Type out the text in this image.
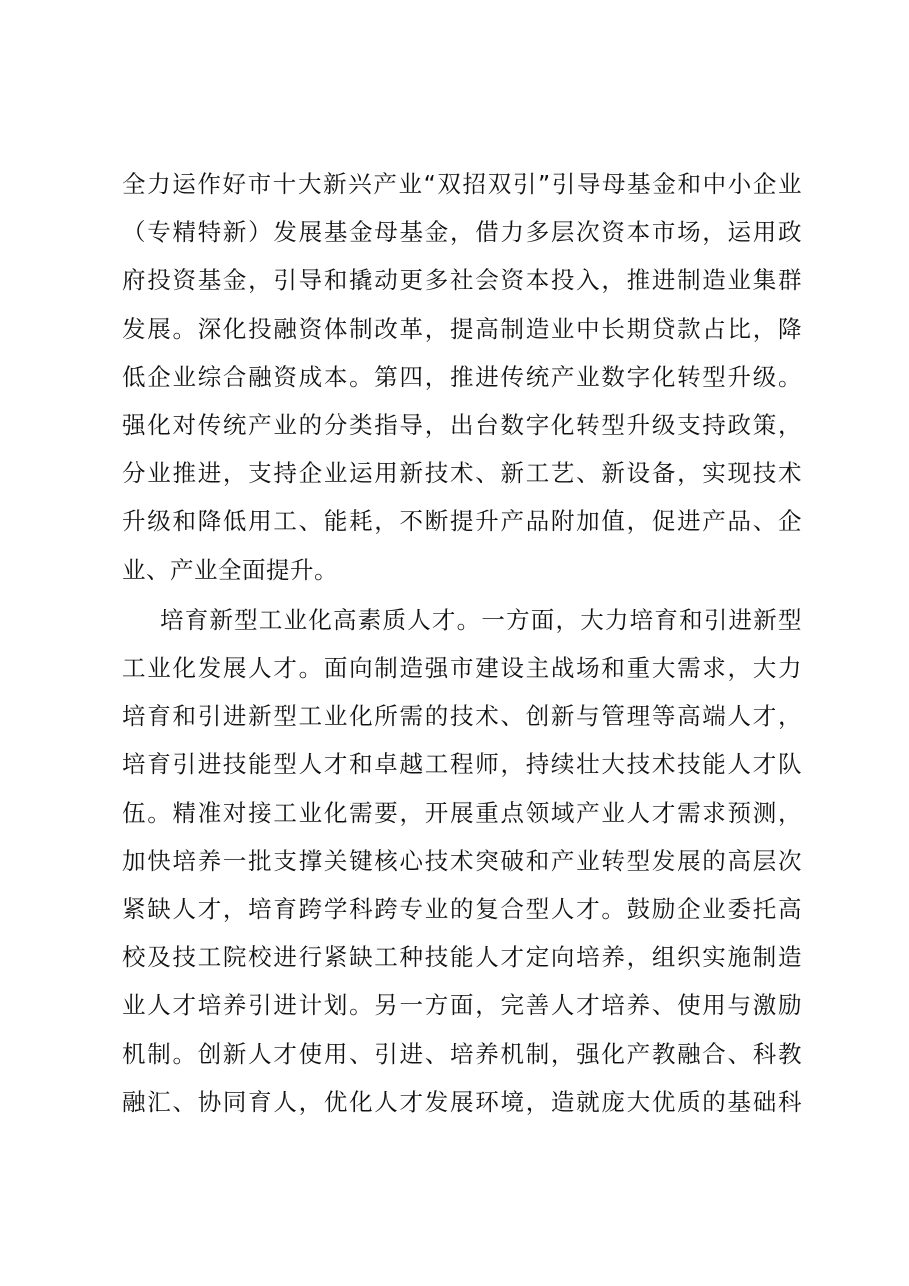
全力运作好市十大新兴产业“双招双引”引导母基金和中小企业
（专精特新）发展基金母基金，借力多层次资本市场，运用政
府投资基金，引导和撬动更多社会资本投入，推进制造业集群
发展。深化投融资体制改革，提高制造业中长期贷款占比，降
低企业综合融资成本。第四，推进传统产业数字化转型升级。
强化对传统产业的分类指导，出台数字化转型升级支持政策，
分业推进，支持企业运用新技术、新工艺、新设备，实现技术
升级和降低用工、能耗，不断提升产品附加值，促进产品、企
业、产业全面提升。
培育新型工业化高素质人才。一方面，大力培育和引进新型
工业化发展人才。面向制造强市建设主战场和重大需求，大力
培育和引进新型工业化所需的技术、创新与管理等高端人才，
培育引进技能型人才和卓越工程师，持续壮大技术技能人才队
伍。精准对接工业化需要，开展重点领域产业人才需求预测，
加快培养一批支撑关键核心技术突破和产业转型发展的高层次
紧缺人才，培育跨学科跨专业的复合型人才。鼓励企业委托高
校及技工院校进行紧缺工种技能人才定向培养，组织实施制造
业人才培养引进计划。另一方面，完善人才培养、使用与激励
机制。创新人才使用、引进、培养机制，强化产教融合、科教
融汇、协同育人，优化人才发展环境，造就庞大优质的基础科
